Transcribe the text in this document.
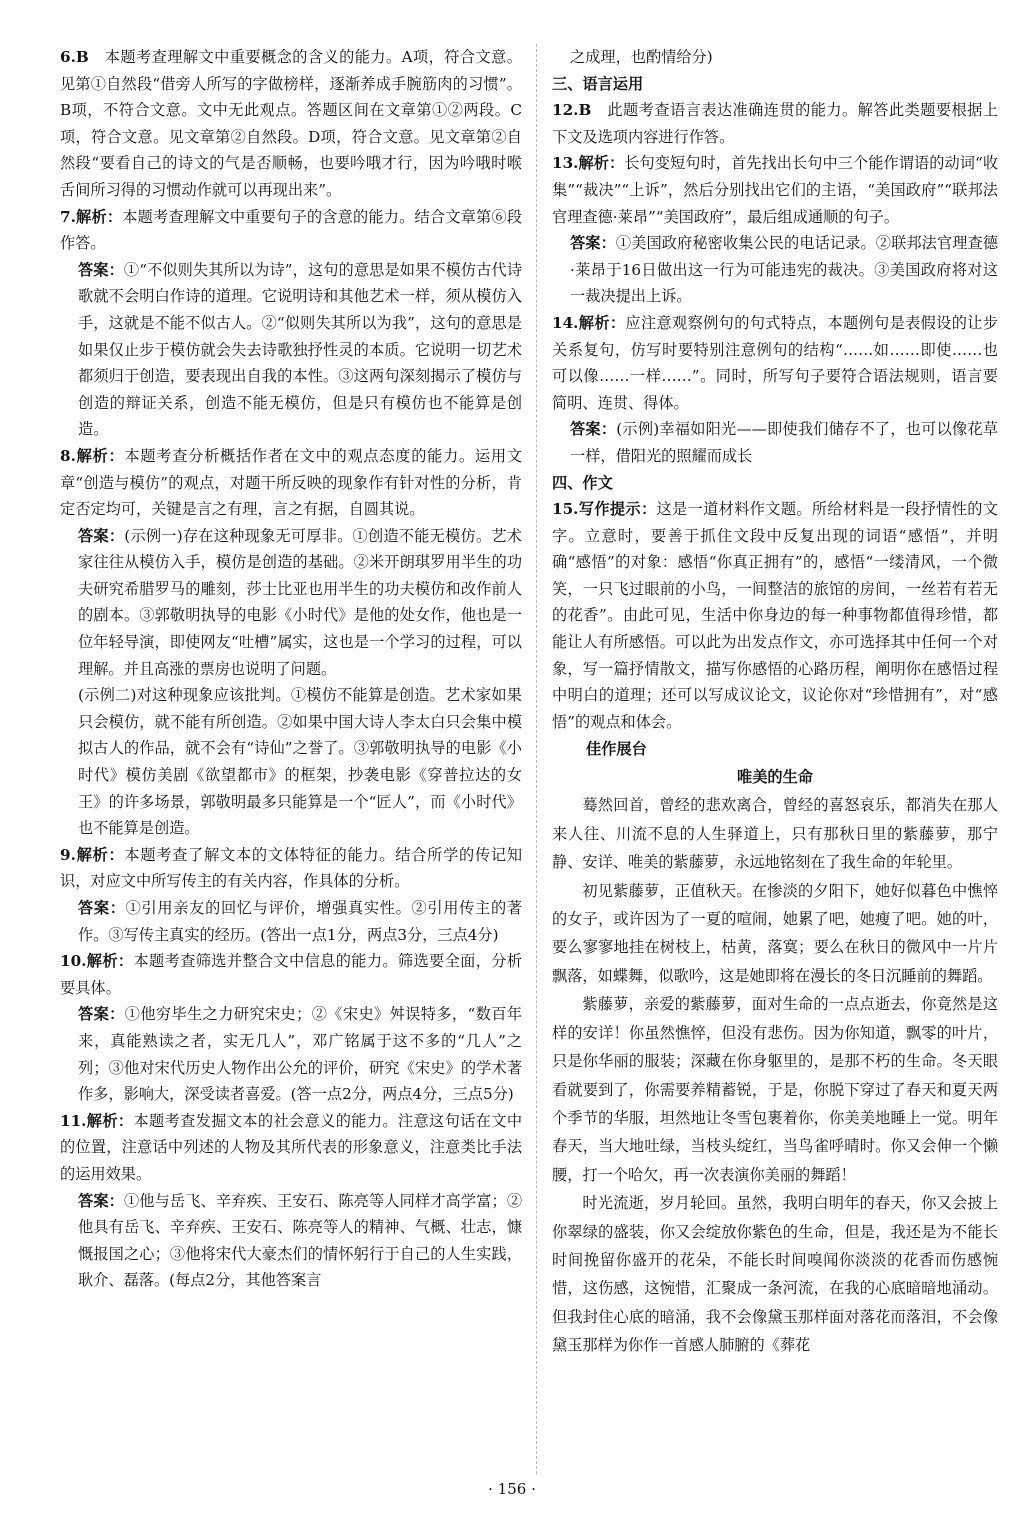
6.B　本题考查理解文中重要概念的含义的能力。A项，符合文意。见第①自然段“借旁人所写的字做榜样，逐渐养成手腕筋肉的习惯”。B项，不符合文意。文中无此观点。答题区间在文章第①②两段。C项，符合文意。见文章第②自然段。D项，符合文意。见文章第②自然段“要看自己的诗文的气是否顺畅，也要吟哦才行，因为吟哦时喉舌间所习得的习惯动作就可以再现出来”。

7.解析：本题考查理解文中重要句子的含意的能力。结合文章第⑥段作答。

答案：①“不似则失其所以为诗”，这句的意思是如果不模仿古代诗歌就不会明白作诗的道理。它说明诗和其他艺术一样，须从模仿入手，这就是不能不似古人。②“似则失其所以为我”，这句的意思是如果仅止步于模仿就会失去诗歌独抒性灵的本质。它说明一切艺术都须归于创造，要表现出自我的本性。③这两句深刻揭示了模仿与创造的辩证关系，创造不能无模仿，但是只有模仿也不能算是创造。

8.解析：本题考查分析概括作者在文中的观点态度的能力。运用文章“创造与模仿”的观点，对题干所反映的现象作有针对性的分析，肯定否定均可，关键是言之有理，言之有据，自圆其说。

答案：(示例一)存在这种现象无可厚非。①创造不能无模仿。艺术家往往从模仿入手，模仿是创造的基础。②米开朗琪罗用半生的功夫研究希腊罗马的雕刻，莎士比亚也用半生的功夫模仿和改作前人的剧本。③郭敬明执导的电影《小时代》是他的处女作，他也是一位年轻导演，即使网友“吐槽”属实，这也是一个学习的过程，可以理解。并且高涨的票房也说明了问题。

(示例二)对这种现象应该批判。①模仿不能算是创造。艺术家如果只会模仿，就不能有所创造。②如果中国大诗人李太白只会集中模拟古人的作品，就不会有“诗仙”之誉了。③郭敬明执导的电影《小时代》模仿美剧《欲望都市》的框架，抄袭电影《穿普拉达的女王》的许多场景，郭敬明最多只能算是一个“匠人”，而《小时代》也不能算是创造。

9.解析：本题考查了解文本的文体特征的能力。结合所学的传记知识，对应文中所写传主的有关内容，作具体的分析。

答案：①引用亲友的回忆与评价，增强真实性。②引用传主的著作。③写传主真实的经历。(答出一点1分，两点3分，三点4分)

10.解析：本题考查筛选并整合文中信息的能力。筛选要全面，分析要具体。

答案：①他穷毕生之力研究宋史；②《宋史》舛误特多，“数百年来，真能熟读之者，实无几人”，邓广铭属于这不多的“几人”之列；③他对宋代历史人物作出公允的评价，研究《宋史》的学术著作多，影响大，深受读者喜爱。(答一点2分，两点4分，三点5分)

11.解析：本题考查发掘文本的社会意义的能力。注意这句话在文中的位置，注意话中列述的人物及其所代表的形象意义，注意类比手法的运用效果。

答案：①他与岳飞、辛弃疾、王安石、陈亮等人同样才高学富；②他具有岳飞、辛弃疾、王安石、陈亮等人的精神、气概、壮志，慷慨报国之心；③他将宋代大豪杰们的情怀躬行于自己的人生实践，耿介、磊落。(每点2分，其他答案言

之成理，也酌情给分)

三、语言运用

12.B　此题考查语言表达准确连贯的能力。解答此类题要根据上下文及选项内容进行作答。

13.解析：长句变短句时，首先找出长句中三个能作谓语的动词“收集”“裁决”“上诉”，然后分别找出它们的主语，“美国政府”“联邦法官理查德·莱昂”“美国政府”，最后组成通顺的句子。

答案：①美国政府秘密收集公民的电话记录。②联邦法官理查德·莱昂于16日做出这一行为可能违宪的裁决。③美国政府将对这一裁决提出上诉。

14.解析：应注意观察例句的句式特点，本题例句是表假设的让步关系复句，仿写时要特别注意例句的结构“……如……即使……也可以像……一样……”。同时，所写句子要符合语法规则，语言要简明、连贯、得体。

答案：(示例)幸福如阳光——即使我们储存不了，也可以像花草一样，借阳光的照耀而成长

四、作文

15.写作提示：这是一道材料作文题。所给材料是一段抒情性的文字。立意时，要善于抓住文段中反复出现的词语“感悟”，并明确“感悟”的对象：感悟“你真正拥有”的，感悟“一缕清风，一个微笑，一只飞过眼前的小鸟，一间整洁的旅馆的房间，一丝若有若无的花香”。由此可见，生活中你身边的每一种事物都值得珍惜，都能让人有所感悟。可以此为出发点作文，亦可选择其中任何一个对象，写一篇抒情散文，描写你感悟的心路历程，阐明你在感悟过程中明白的道理；还可以写成议论文，议论你对“珍惜拥有”，对“感悟”的观点和体会。

佳作展台

唯美的生命

蓦然回首，曾经的悲欢离合，曾经的喜怒哀乐，都消失在那人来人往、川流不息的人生驿道上，只有那秋日里的紫藤萝，那宁静、安详、唯美的紫藤萝，永远地铭刻在了我生命的年轮里。

初见紫藤萝，正值秋天。在惨淡的夕阳下，她好似暮色中憔悴的女子，或许因为了一夏的喧闹，她累了吧，她瘦了吧。她的叶，要么寥寥地挂在树枝上，枯黄，落寞；要么在秋日的微风中一片片飘落，如蝶舞，似歌吟，这是她即将在漫长的冬日沉睡前的舞蹈。

紫藤萝，亲爱的紫藤萝，面对生命的一点点逝去，你竟然是这样的安详！你虽然憔悴，但没有悲伤。因为你知道，飘零的叶片，只是你华丽的服装；深藏在你身躯里的，是那不朽的生命。冬天眼看就要到了，你需要养精蓄锐，于是，你脱下穿过了春天和夏天两个季节的华服，坦然地让冬雪包裹着你，你美美地睡上一觉。明年春天，当大地吐绿，当枝头绽红，当鸟雀呼晴时。你又会伸一个懒腰，打一个哈欠，再一次表演你美丽的舞蹈！

时光流逝，岁月轮回。虽然，我明白明年的春天，你又会披上你翠绿的盛装，你又会绽放你紫色的生命，但是，我还是为不能长时间挽留你盛开的花朵，不能长时间嗅闻你淡淡的花香而伤感惋惜，这伤感，这惋惜，汇聚成一条河流，在我的心底暗暗地涌动。但我封住心底的暗涌，我不会像黛玉那样面对落花而落泪，不会像黛玉那样为你作一首感人肺腑的《葬花

· 156 ·
